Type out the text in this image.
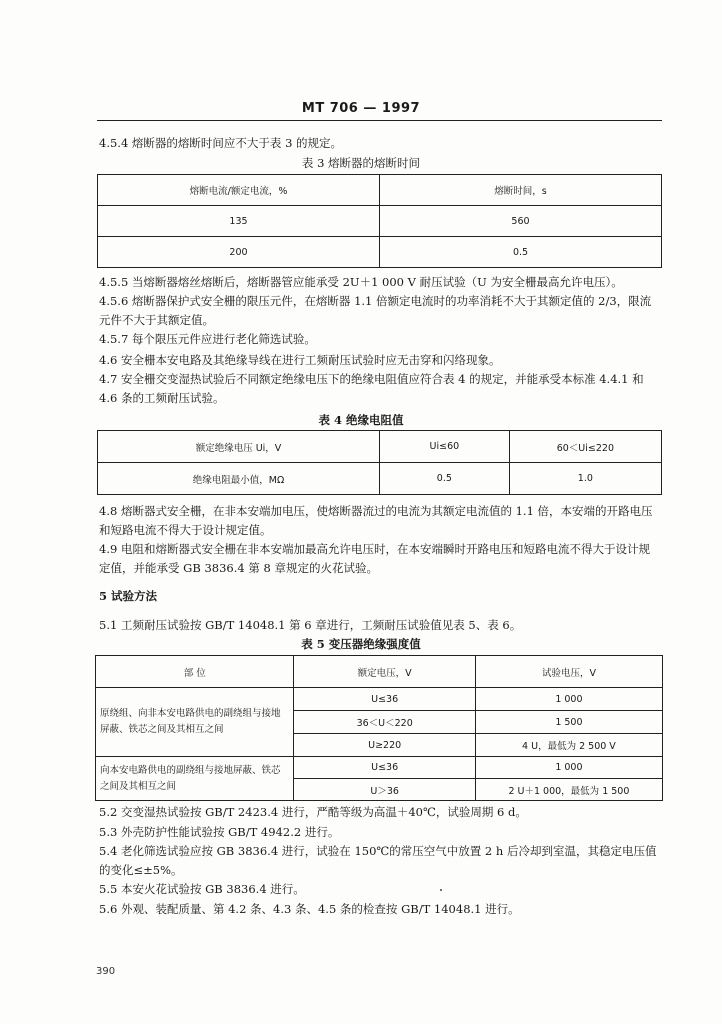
MT 706 — 1997
4.5.4 熔断器的熔断时间应不大于表 3 的规定。
表 3 熔断器的熔断时间
熔断电流/额定电流，%	熔断时间，s
135	560
200	0.5
4.5.5 当熔断器熔丝熔断后，熔断器管应能承受 2U＋1 000 V 耐压试验（U 为安全栅最高允许电压）。
4.5.6 熔断器保护式安全栅的限压元件，在熔断器 1.1 倍额定电流时的功率消耗不大于其额定值的 2/3，限流元件不大于其额定值。
4.5.7 每个限压元件应进行老化筛选试验。
4.6 安全栅本安电路及其绝缘导线在进行工频耐压试验时应无击穿和闪络现象。
4.7 安全栅交变湿热试验后不同额定绝缘电压下的绝缘电阻值应符合表 4 的规定，并能承受本标准 4.4.1 和 4.6 条的工频耐压试验。
表 4 绝缘电阻值
额定绝缘电压 Ui，V	Ui≤60	60＜Ui≤220
绝缘电阻最小值，MΩ	0.5	1.0
4.8 熔断器式安全栅，在非本安端加电压，使熔断器流过的电流为其额定电流值的 1.1 倍，本安端的开路电压和短路电流不得大于设计规定值。
4.9 电阻和熔断器式安全栅在非本安端加最高允许电压时，在本安端瞬时开路电压和短路电流不得大于设计规定值，并能承受 GB 3836.4 第 8 章规定的火花试验。
5 试验方法
5.1 工频耐压试验按 GB/T 14048.1 第 6 章进行，工频耐压试验值见表 5、表 6。
表 5 变压器绝缘强度值
部 位	额定电压，V	试验电压，V
原绕组、向非本安电路供电的副绕组与接地屏蔽、铁芯之间及其相互之间	U≤36	1 000
	36＜U＜220	1 500
	U≥220	4 U，最低为 2 500 V
向本安电路供电的副绕组与接地屏蔽、铁芯之间及其相互之间	U≤36	1 000
	U＞36	2 U＋1 000，最低为 1 500
5.2 交变湿热试验按 GB/T 2423.4 进行，严酷等级为高温＋40℃，试验周期 6 d。
5.3 外壳防护性能试验按 GB/T 4942.2 进行。
5.4 老化筛选试验应按 GB 3836.4 进行，试验在 150℃的常压空气中放置 2 h 后冷却到室温，其稳定电压值的变化≤±5%。
5.5 本安火花试验按 GB 3836.4 进行。
5.6 外观、装配质量、第 4.2 条、4.3 条、4.5 条的检查按 GB/T 14048.1 进行。
390
